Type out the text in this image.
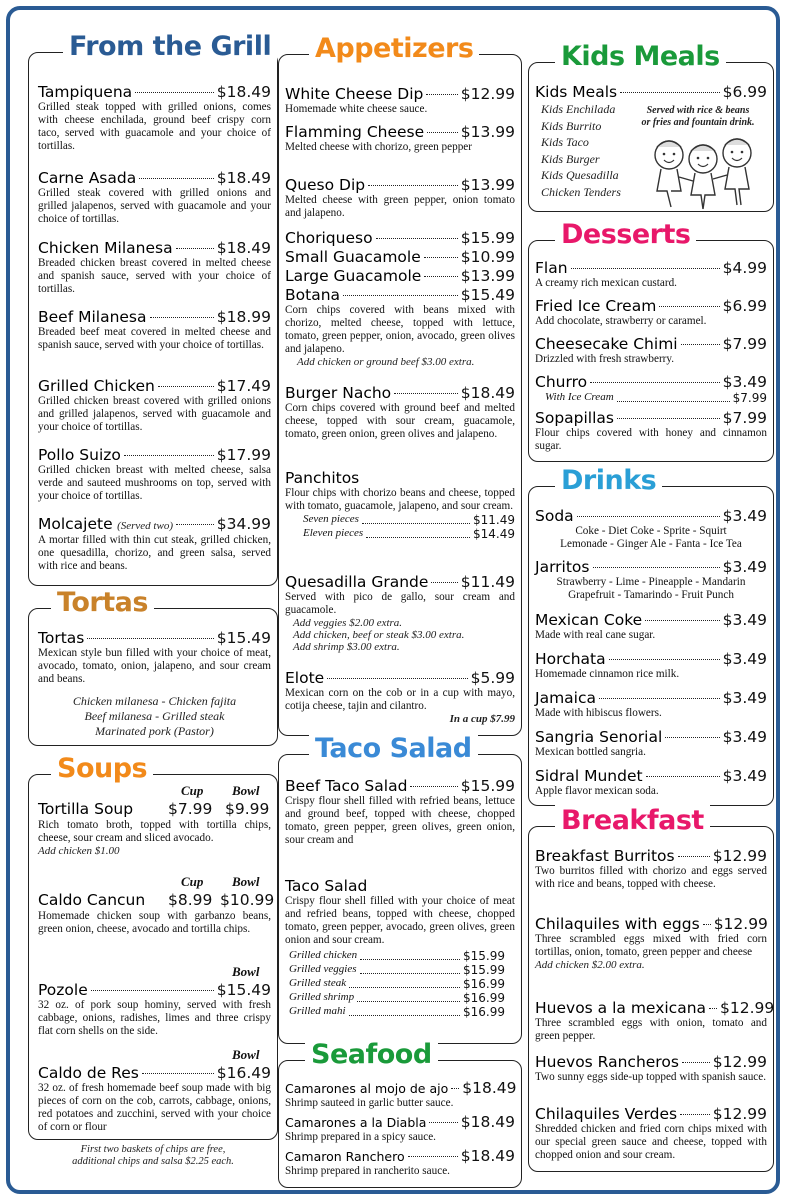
From the Grill
Tampiquena	$18.49
Grilled steak topped with grilled onions, comes with cheese enchilada, ground beef crispy corn taco, served with guacamole and your choice of tortillas.
Carne Asada	$18.49
Grilled steak covered with grilled onions and grilled jalapenos, served with guacamole and your choice of tortillas.
Chicken Milanesa	$18.49
Breaded chicken breast covered in melted cheese and spanish sauce, served with your choice of tortillas.
Beef Milanesa	$18.99
Breaded beef meat covered in melted cheese and spanish sauce, served with your choice of tortillas.
Grilled Chicken	$17.49
Grilled chicken breast covered with grilled onions and grilled jalapenos, served with guacamole and your choice of tortillas.
Pollo Suizo	$17.99
Grilled chicken breast with melted cheese, salsa verde and sauteed mushrooms on top, served with your choice of tortillas.
Molcajete
(Served two)	$34.99
A mortar filled with thin cut steak, grilled chicken, one quesadilla, chorizo, and green salsa, served with rice and beans.
Tortas
Tortas	$15.49
Mexican style bun filled with your choice of meat, avocado, tomato, onion, jalapeno, and sour cream and beans.
Chicken milanesa - Chicken fajita
Beef milanesa - Grilled steak
Marinated pork (Pastor)
Soups
Cup Bowl
Tortilla Soup $7.99 $9.99
Rich tomato broth, topped with tortilla chips, cheese, sour cream and sliced avocado.
Add chicken $1.00
Cup Bowl
Caldo Cancun $8.99 $10.99
Homemade chicken soup with garbanzo beans, green onion, cheese, avocado and tortilla chips.
Bowl
Pozole	$15.49
32 oz. of pork soup hominy, served with fresh cabbage, onions, radishes, limes and three crispy flat corn shells on the side.
Bowl
Caldo de Res	$16.49
32 oz. of fresh homemade beef soup made with big pieces of corn on the cob, carrots, cabbage, onions, red potatoes and zucchini, served with your choice of corn or flour
First two baskets of chips are free,
additional chips and salsa $2.25 each.
Appetizers
White Cheese Dip $12.99
Homemade white cheese sauce.
Flamming Cheese $13.99
Melted cheese with chorizo, green pepper
Queso Dip	$13.99
Melted cheese with green pepper, onion tomato and jalapeno.
Choriqueso	$15.99
Small Guacamole	$10.99
Large Guacamole	$13.99
Botana	$15.49
Corn chips covered with beans mixed with chorizo, melted cheese, topped with lettuce, tomato, green pepper, onion, avocado, green olives and jalapeno.
Add chicken or ground beef $3.00 extra.
Burger Nacho	$18.49
Corn chips covered with ground beef and melted cheese, topped with sour cream, guacamole, tomato, green onion, green olives and jalapeno.
Panchitos
Flour chips with chorizo beans and cheese, topped with tomato, guacamole, jalapeno, and sour cream.
Seven pieces	$11.49
Eleven pieces	$14.49
Quesadilla Grande $11.49
Served with pico de gallo, sour cream and guacamole.
Add veggies $2.00 extra.
Add chicken, beef or steak $3.00 extra.
Add shrimp $3.00 extra.
Elote	$5.99
Mexican corn on the cob or in a cup with mayo, cotija cheese, tajin and cilantro.
In a cup $7.99
Taco Salad
Beef Taco Salad	$15.99
Crispy flour shell filled with refried beans, lettuce and ground beef, topped with cheese, chopped tomato, green pepper, green olives, green onion, sour cream and
Taco Salad
Crispy flour shell filled with your choice of meat and refried beans, topped with cheese, chopped tomato, green pepper, avocado, green olives, green onion and sour cream.
Grilled chicken	$15.99
Grilled veggies	$15.99
Grilled steak	$16.99
Grilled shrimp	$16.99
Grilled mahi	$16.99
Seafood
Camarones al mojo de ajo $18.49
Shrimp sauteed in garlic butter sauce.
Camarones a la Diabla $18.49
Shrimp prepared in a spicy sauce.
Camaron Ranchero	$18.49
Shrimp prepared in rancherito sauce.
Kids Meals
Kids Meals	$6.99
Kids Enchilada
Kids Burrito
Kids Taco
Kids Burger
Kids Quesadilla
Chicken Tenders
Served with rice & beans
or fries and fountain drink.
Desserts
Flan	$4.99
A creamy rich mexican custard.
Fried Ice Cream	$6.99
Add chocolate, strawberry or caramel.
Cheesecake Chimi	$7.99
Drizzled with fresh strawberry.
Churro	$3.49
With Ice Cream	$7.99
Sopapillas	$7.99
Flour chips covered with honey and cinnamon sugar.
Drinks
Soda	$3.49
Coke - Diet Coke - Sprite - Squirt
Lemonade - Ginger Ale - Fanta - Ice Tea
Jarritos	$3.49
Strawberry - Lime - Pineapple - Mandarin
Grapefruit - Tamarindo - Fruit Punch
Mexican Coke	$3.49
Made with real cane sugar.
Horchata	$3.49
Homemade cinnamon rice milk.
Jamaica	$3.49
Made with hibiscus flowers.
Sangria Senorial	$3.49
Mexican bottled sangria.
Sidral Mundet	$3.49
Apple flavor mexican soda.
Breakfast
Breakfast Burritos $12.99
Two burritos filled with chorizo and eggs served with rice and beans, topped with cheese.
Chilaquiles with eggs $12.99
Three scrambled eggs mixed with fried corn tortillas, onion, tomato, green pepper and cheese
Add chicken $2.00 extra.
Huevos a la mexicana $12.99
Three scrambled eggs with onion, tomato and green pepper.
Huevos Rancheros $12.99
Two sunny eggs side-up topped with spanish sauce.
Chilaquiles Verdes $12.99
Shredded chicken and fried corn chips mixed with our special green sauce and cheese, topped with chopped onion and sour cream.
